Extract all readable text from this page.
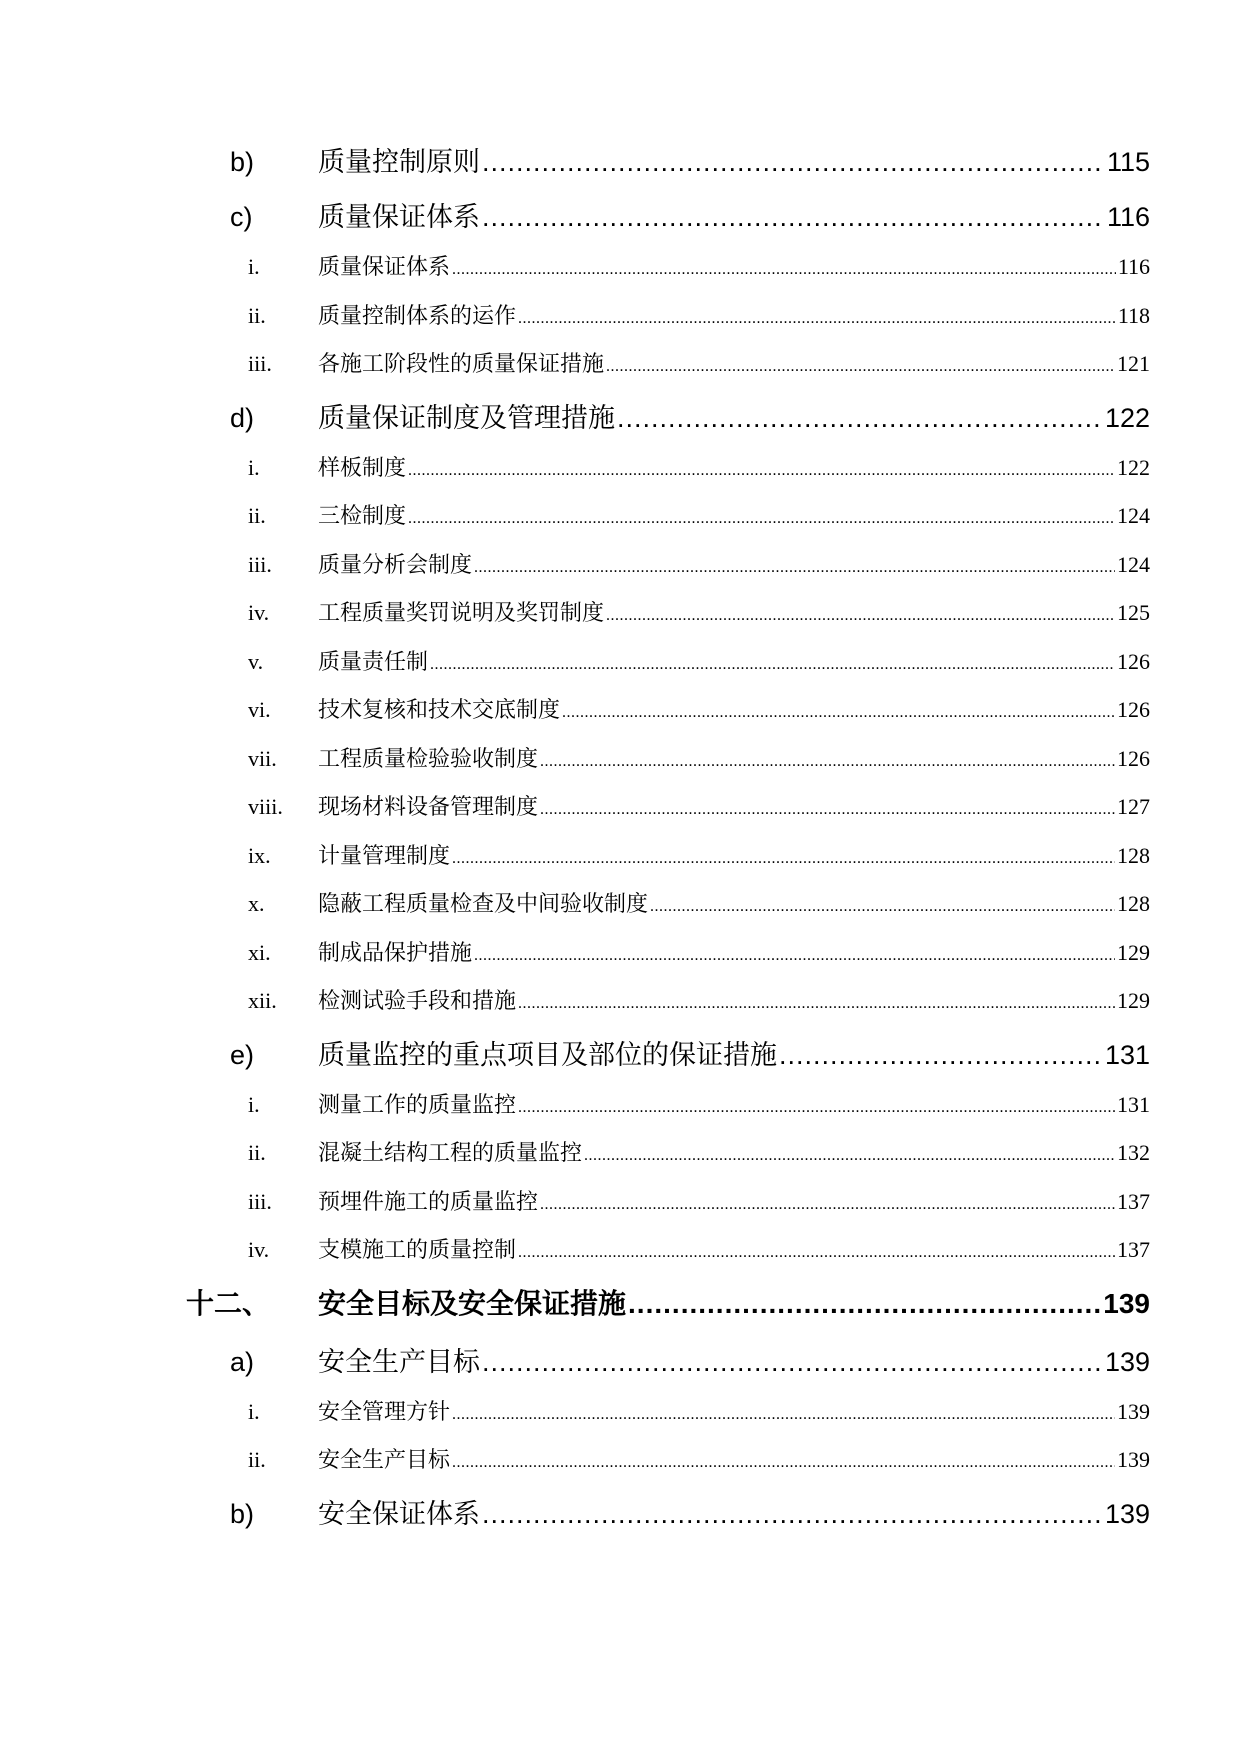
b)	质量控制原则 .....	115
c)	质量保证体系 .....	116
i.	质量保证体系 .....	116
ii.	质量控制体系的运作 .....	118
iii.	各施工阶段性的质量保证措施 .....	121
d)	质量保证制度及管理措施 .....	122
i.	样板制度 .....	122
ii.	三检制度 .....	124
iii.	质量分析会制度 .....	124
iv.	工程质量奖罚说明及奖罚制度 .....	125
v.	质量责任制 .....	126
vi.	技术复核和技术交底制度 .....	126
vii.	工程质量检验验收制度 .....	126
viii.	现场材料设备管理制度 .....	127
ix.	计量管理制度 .....	128
x.	隐蔽工程质量检查及中间验收制度 .....	128
xi.	制成品保护措施 .....	129
xii.	检测试验手段和措施 .....	129
e)	质量监控的重点项目及部位的保证措施 .....	131
i.	测量工作的质量监控 .....	131
ii.	混凝土结构工程的质量监控 .....	132
iii.	预埋件施工的质量监控 .....	137
iv.	支模施工的质量控制 .....	137
十二、	安全目标及安全保证措施 .....	139
a)	安全生产目标 .....	139
i.	安全管理方针 .....	139
ii.	安全生产目标 .....	139
b)	安全保证体系 .....	139
